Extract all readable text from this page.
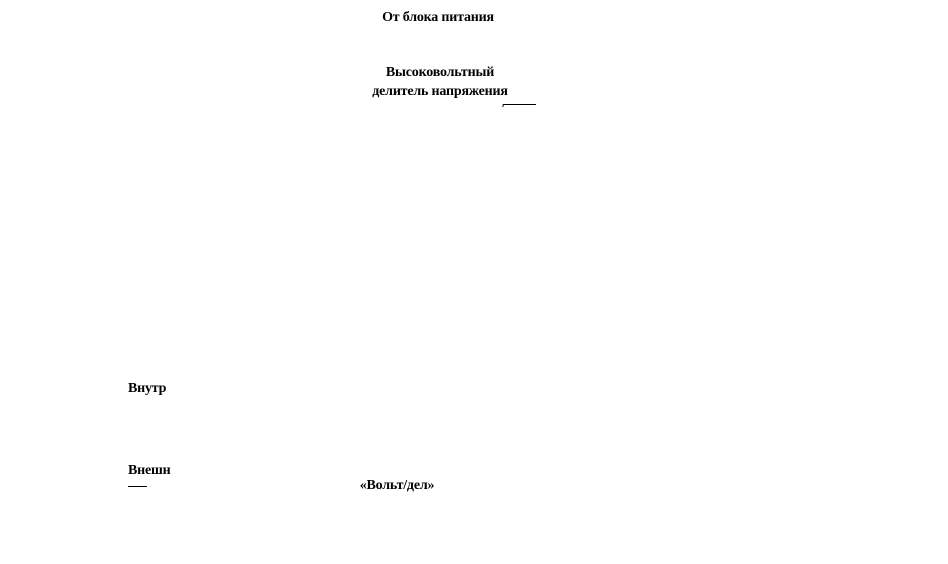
От блока питания
Высоковольтный
делитель напряжения
Внутр
Внешн
«Вольт/дел»
